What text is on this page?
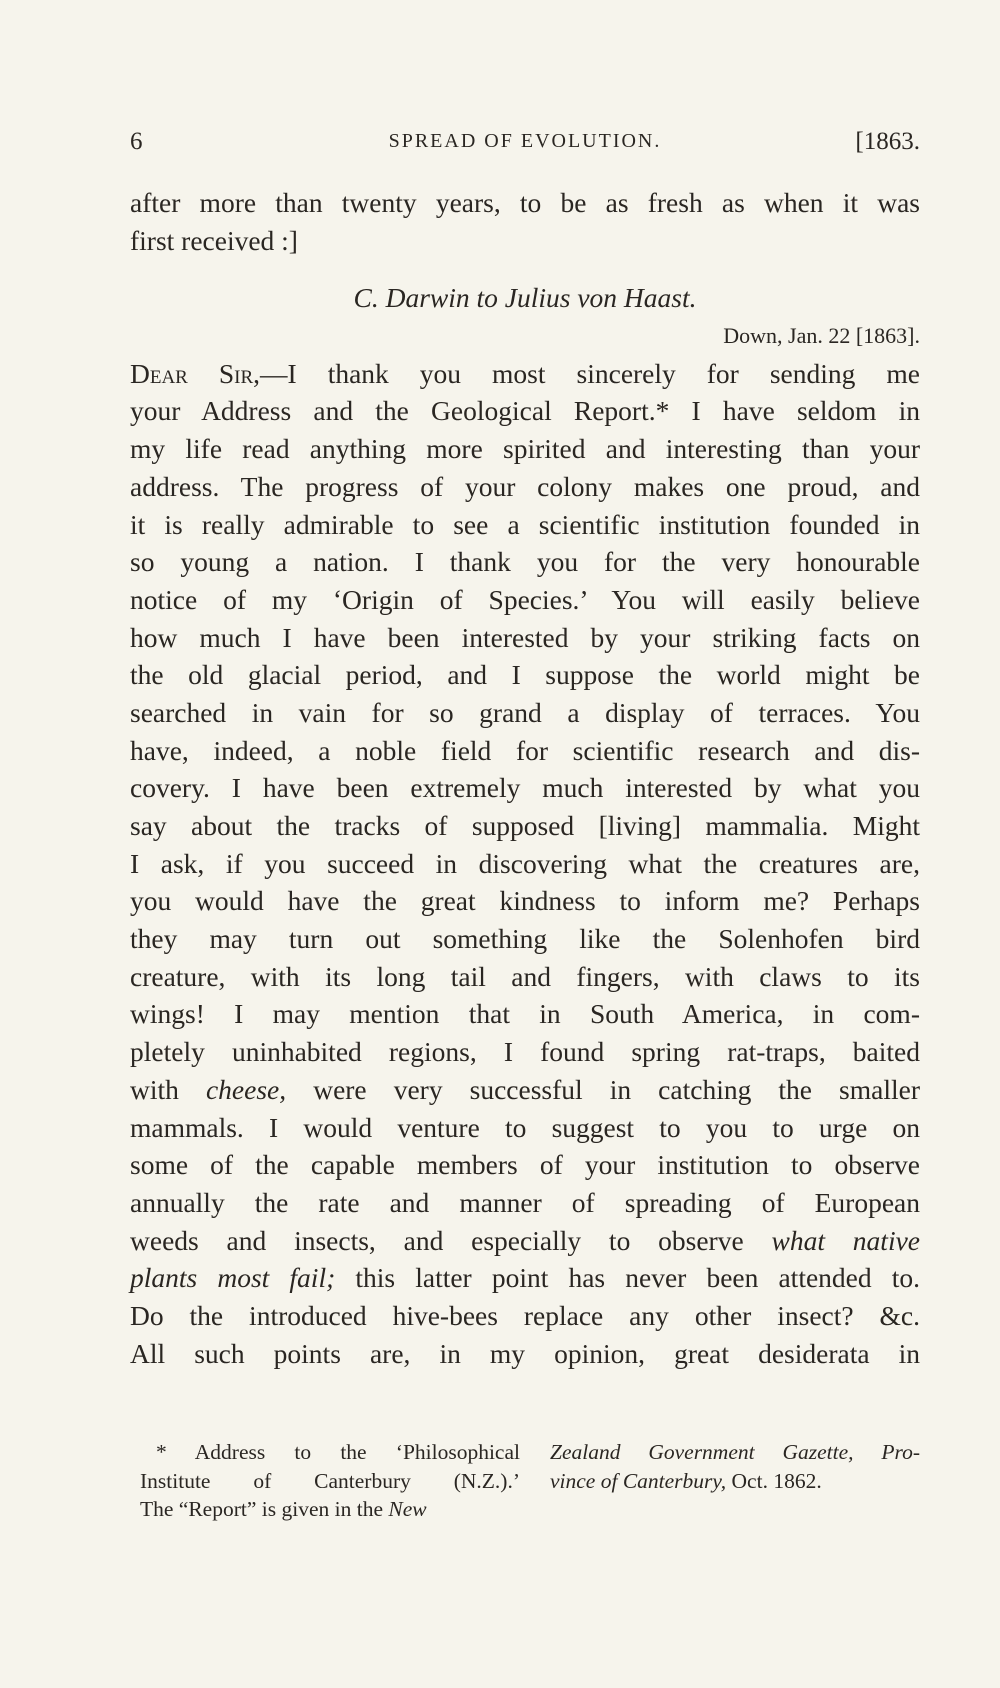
6	SPREAD OF EVOLUTION.	[1863.
after more than twenty years, to be as fresh as when it was
first received :]
C. Darwin to Julius von Haast.
Down, Jan. 22 [1863].
Dear Sir,—I thank you most sincerely for sending me
your Address and the Geological Report.* I have seldom in
my life read anything more spirited and interesting than your
address. The progress of your colony makes one proud, and
it is really admirable to see a scientific institution founded in
so young a nation. I thank you for the very honourable
notice of my ‘Origin of Species.’ You will easily believe
how much I have been interested by your striking facts on
the old glacial period, and I suppose the world might be
searched in vain for so grand a display of terraces. You
have, indeed, a noble field for scientific research and dis-
covery. I have been extremely much interested by what you
say about the tracks of supposed [living] mammalia. Might
I ask, if you succeed in discovering what the creatures are,
you would have the great kindness to inform me? Perhaps
they may turn out something like the Solenhofen bird
creature, with its long tail and fingers, with claws to its
wings! I may mention that in South America, in com-
pletely uninhabited regions, I found spring rat-traps, baited
with cheese, were very successful in catching the smaller
mammals. I would venture to suggest to you to urge on
some of the capable members of your institution to observe
annually the rate and manner of spreading of European
weeds and insects, and especially to observe what native
plants most fail; this latter point has never been attended to.
Do the introduced hive-bees replace any other insect? &c.
All such points are, in my opinion, great desiderata in
* Address to the ‘Philosophical
Institute of Canterbury (N.Z.).’
The “Report” is given in the New
Zealand Government Gazette, Pro-
vince of Canterbury, Oct. 1862.
